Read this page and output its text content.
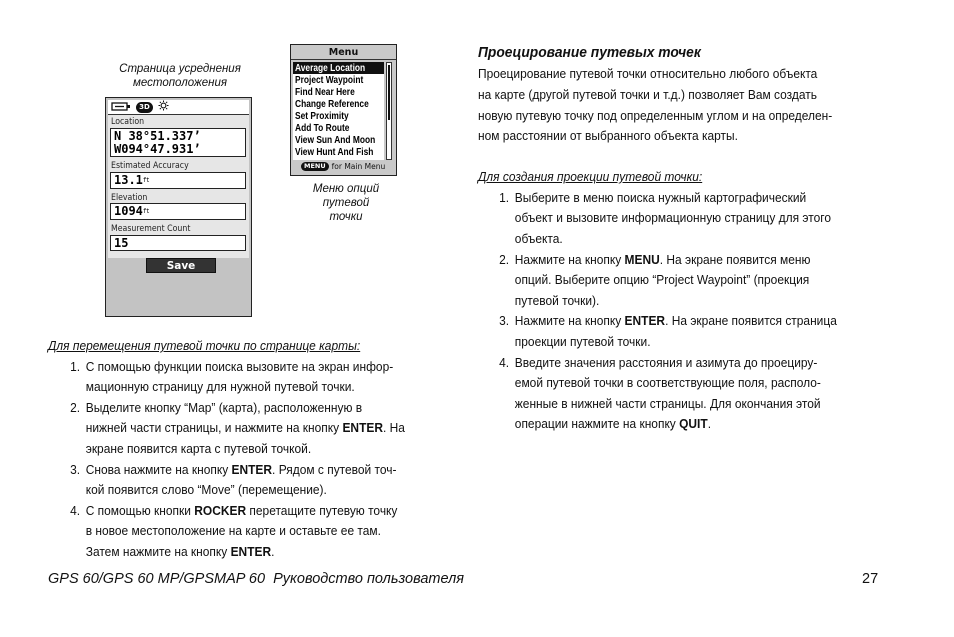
Страница усреднения
местоположения
3D
Location
N 38°51.337’
W094°47.931’
Estimated Accuracy
$13.1^{ft}$
Elevation
$1094^{ft}$
Measurement Count
15
Save
Menu
Average Location
Project Waypoint
Find Near Here
Change Reference
Set Proximity
Add To Route
View Sun And Moon
View Hunt And Fish
MENU for Main Menu
Меню опций
путевой
точки
Для перемещения путевой точки по странице карты:
1. С помощью функции поиска вызовите на экран инфор-
мационную страницу для нужной путевой точки.
2. Выделите кнопку “Map” (карта), расположенную в
нижней части страницы, и нажмите на кнопку ENTER. На
экране появится карта с путевой точкой.
3. Снова нажмите на кнопку ENTER. Рядом с путевой точ-
кой появится слово “Move” (перемещение).
4. С помощью кнопки ROCKER перетащите путевую точку
в новое местоположение на карте и оставьте ее там.
Затем нажмите на кнопку ENTER.
Проецирование путевых точек
Проецирование путевой точки относительно любого объекта
на карте (другой путевой точки и т.д.) позволяет Вам создать
новую путевую точку под определенным углом и на определен-
ном расстоянии от выбранного объекта карты.
Для создания проекции путевой точки:
1. Выберите в меню поиска нужный картографический
объект и вызовите информационную страницу для этого
объекта.
2. Нажмите на кнопку MENU. На экране появится меню
опций. Выберите опцию “Project Waypoint” (проекция
путевой точки).
3. Нажмите на кнопку ENTER. На экране появится страница
проекции путевой точки.
4. Введите значения расстояния и азимута до проециру-
емой путевой точки в соответствующие поля, располо-
женные в нижней части страницы. Для окончания этой
операции нажмите на кнопку QUIT.
GPS 60/GPS 60 MP/GPSMAP 60  Руководство пользователя	27
